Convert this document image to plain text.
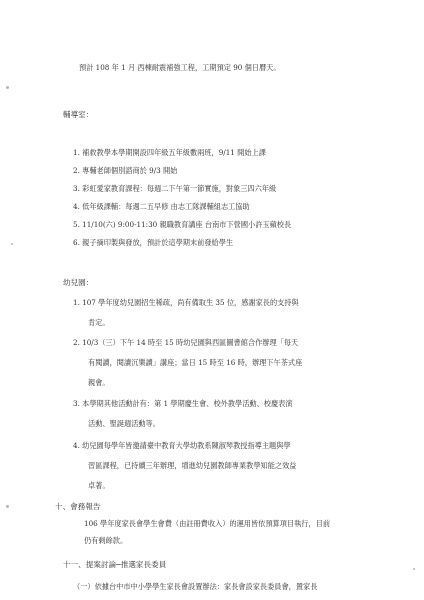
預計 108 年 1 月 西棟耐震補強工程，工期預定 90 個日曆天。
輔導室：
1. 補救教學本學期開設四年級五年級數兩班，9/11 開始上課
2. 專輔老師個別諮商於 9/3 開始
3. 彩虹愛家教育課程：每週二下午第一節實施，對象三四六年級
4. 低年級課輔：每週二五早修 由志工隊課輔組志工協助
5. 11/10(六) 9:00-11:30 親職教育講座 台南市下營國小許玉蘋校長
6. 親子摘印製與發放，預計於這學期末前發給學生
幼兒園：
1. 107 學年度幼兒園招生稀疏，尚有備取生 35 位，感謝家長的支持與
肯定。
2. 10/3（三）下午 14 時至 15 時幼兒園與西區圖書館合作辦理「每天
有閱讀，閱讀沉樂讀」講座；當日 15 時至 16 時，辦理下午茶式座
親會。
3. 本學期其他活動計有：第 1 學期慶生會、校外教學活動、校慶表演
活動、聖誕週活動等。
4. 幼兒園每學年皆邀請臺中教育大學幼教系陳淑琴教授指導主題與學
習區課程，已持續三年辦理，增進幼兒園教師專業教學知能之效益
卓著。
十、會務報告
106 學年度家長會學生會費（由註冊費收入）的運用皆依預算項目執行，目前
仍有剩餘款。
十一、提案討論─推選家長委員
（一）依據台中市中小學學生家長會設置辦法：家長會設家長委員會，置家長
